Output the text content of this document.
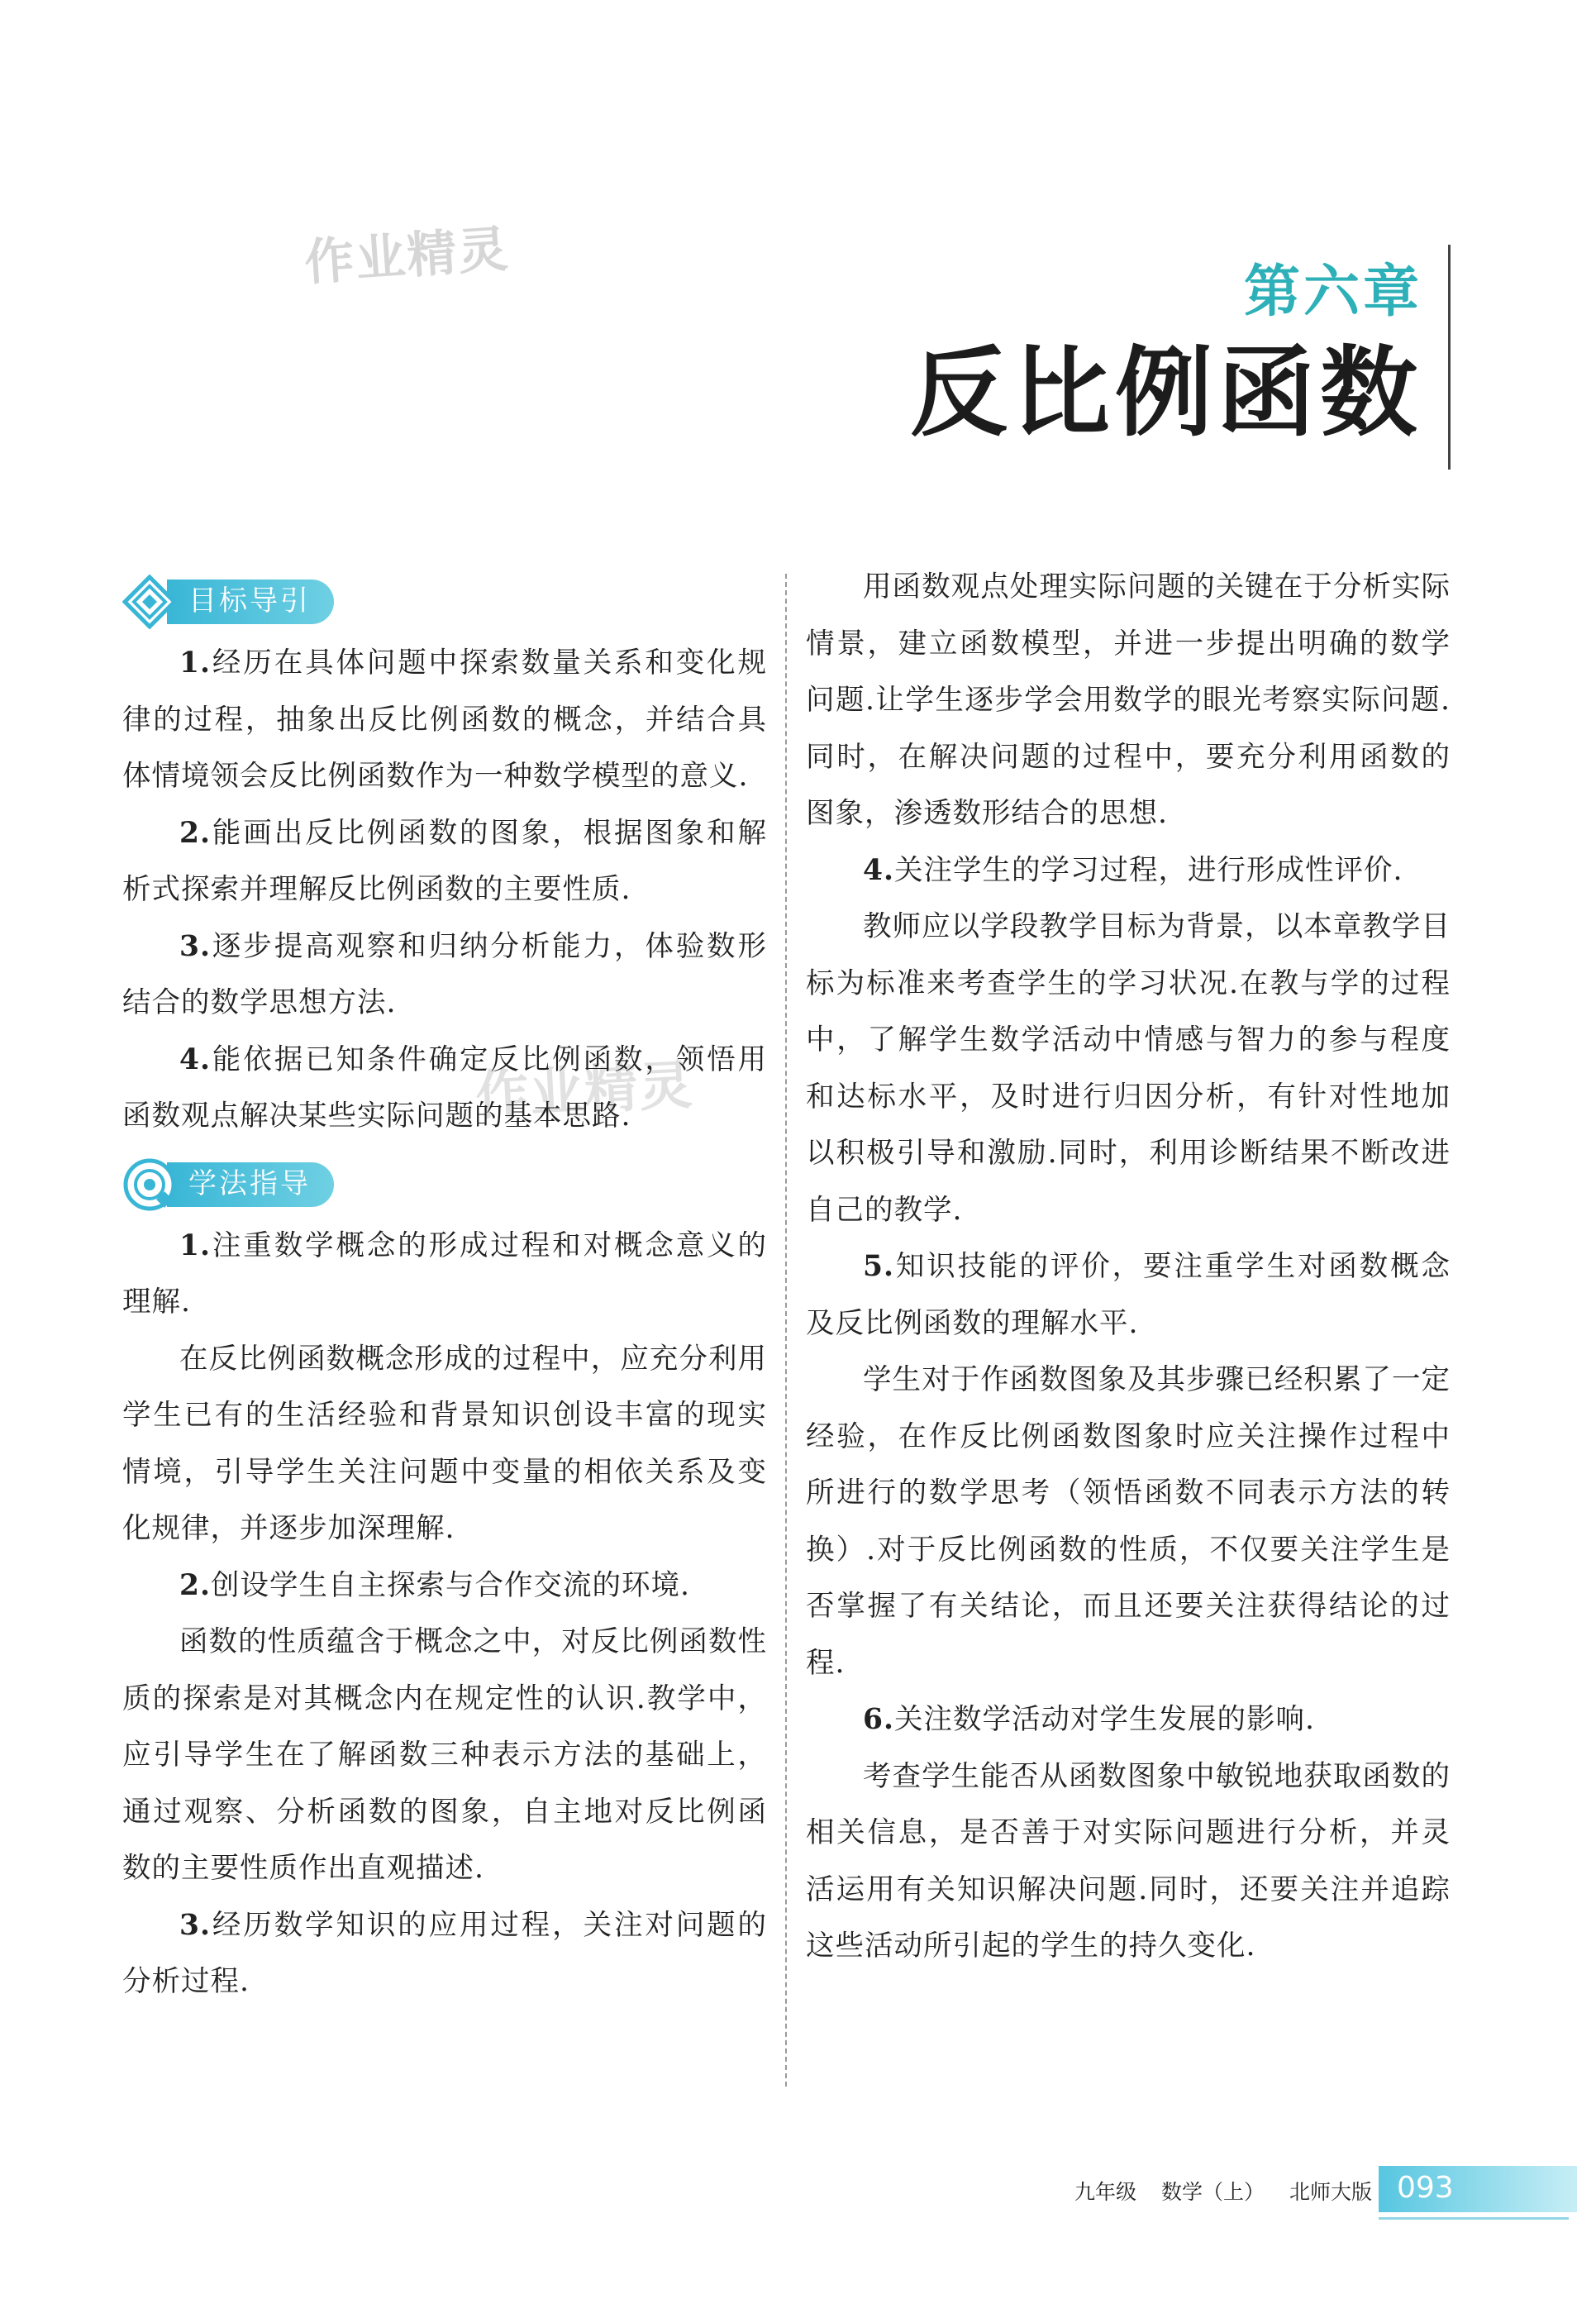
作业精灵
作业精灵
第六章
反比例函数
目标导引

1.经历在具体问题中探索数量关系和变化规律的过程，抽象出反比例函数的概念，并结合具体情境领会反比例函数作为一种数学模型的意义.

2.能画出反比例函数的图象，根据图象和解析式探索并理解反比例函数的主要性质.

3.逐步提高观察和归纳分析能力，体验数形结合的数学思想方法.

4.能依据已知条件确定反比例函数，领悟用函数观点解决某些实际问题的基本思路.

学法指导

1.注重数学概念的形成过程和对概念意义的理解.

在反比例函数概念形成的过程中，应充分利用学生已有的生活经验和背景知识创设丰富的现实情境，引导学生关注问题中变量的相依关系及变化规律，并逐步加深理解.

2.创设学生自主探索与合作交流的环境.

函数的性质蕴含于概念之中，对反比例函数性质的探索是对其概念内在规定性的认识.教学中，应引导学生在了解函数三种表示方法的基础上，通过观察、分析函数的图象，自主地对反比例函数的主要性质作出直观描述.

3.经历数学知识的应用过程，关注对问题的分析过程.

用函数观点处理实际问题的关键在于分析实际情景，建立函数模型，并进一步提出明确的数学问题.让学生逐步学会用数学的眼光考察实际问题.同时，在解决问题的过程中，要充分利用函数的图象，渗透数形结合的思想.

4.关注学生的学习过程，进行形成性评价.

教师应以学段教学目标为背景，以本章教学目标为标准来考查学生的学习状况.在教与学的过程中，了解学生数学活动中情感与智力的参与程度和达标水平，及时进行归因分析，有针对性地加以积极引导和激励.同时，利用诊断结果不断改进自己的教学.

5.知识技能的评价，要注重学生对函数概念及反比例函数的理解水平.

学生对于作函数图象及其步骤已经积累了一定经验，在作反比例函数图象时应关注操作过程中所进行的数学思考（领悟函数不同表示方法的转换）.对于反比例函数的性质，不仅要关注学生是否掌握了有关结论，而且还要关注获得结论的过程.

6.关注数学活动对学生发展的影响.

考查学生能否从函数图象中敏锐地获取函数的相关信息，是否善于对实际问题进行分析，并灵活运用有关知识解决问题.同时，还要关注并追踪这些活动所引起的学生的持久变化.

九年级 数学（上） 北师大版 093
